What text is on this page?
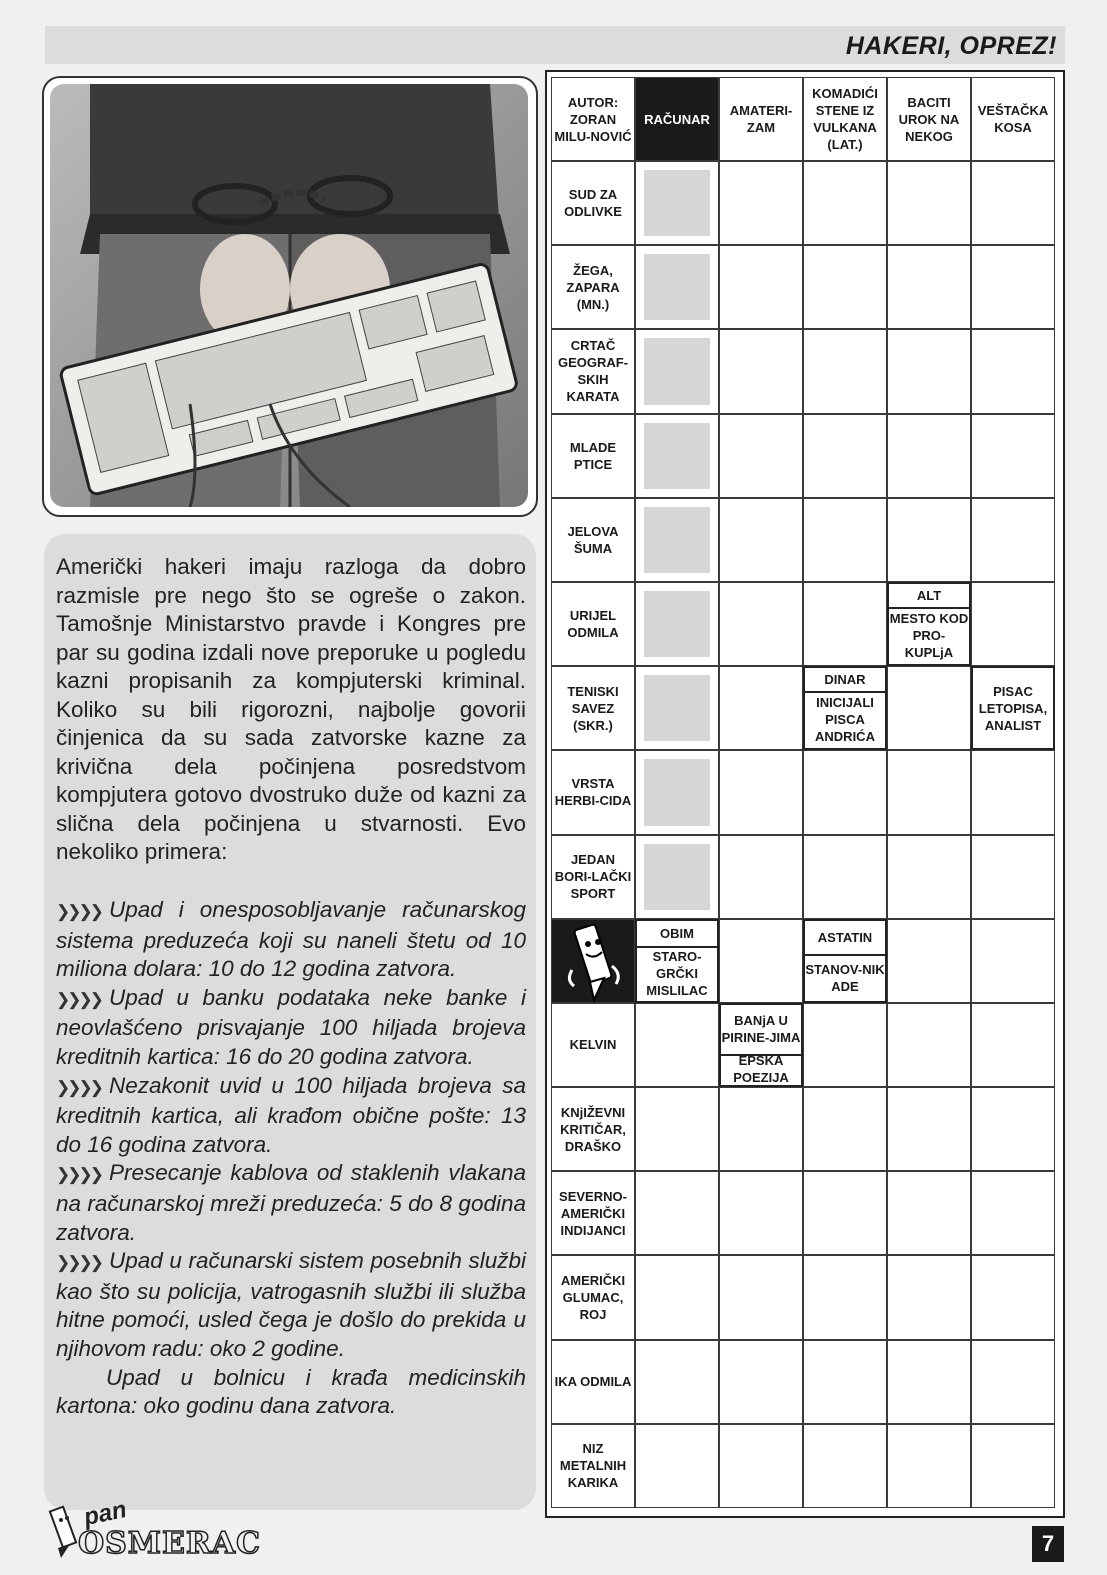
HAKERI, OPREZ!

Američki hakeri imaju razloga da dobro razmisle pre nego što se ogreše o zakon. Tamošnje Ministarstvo pravde i Kongres pre par su godina izdali nove preporuke u pogledu kazni propisanih za kompjuterski kriminal. Koliko su bili rigorozni, najbolje govorii činjenica da su sada zatvorske kazne za krivična dela počinjena posredstvom kompjutera gotovo dvostruko duže od kazni za slična dela počinjena u stvarnosti. Evo nekoliko primera:

❯❯❯❯ Upad i onesposobljavanje računarskog sistema preduzeća koji su naneli štetu od 10 miliona dolara: 10 do 12 godina zatvora.

❯❯❯❯ Upad u banku podataka neke banke i neovlašćeno prisvajanje 100 hiljada brojeva kreditnih kartica: 16 do 20 godina zatvora.

❯❯❯❯ Nezakonit uvid u 100 hiljada brojeva sa kreditnih kartica, ali krađom obične pošte: 13 do 16 godina zatvora.

❯❯❯❯ Presecanje kablova od staklenih vlakana na računarskoj mreži preduzeća: 5 do 8 godina zatvora.

❯❯❯❯ Upad u računarski sistem posebnih službi kao što su policija, vatrogasnih službi ili služba hitne pomoći, usled čega je došlo do prekida u njihovom radu: oko 2 godine.

Upad u bolnicu i krađa medicinskih kartona: oko godinu dana zatvora.

AUTOR: ZORAN MILU-NOVIĆ
RAČUNAR
AMATERI-ZAM
KOMADIĆI STENE IZ VULKANA (LAT.)
BACITI UROK NA NEKOG
VEŠTAČKA KOSA
SUD ZA ODLIVKE
ŽEGA, ZAPARA (MN.)
CRTAČ GEOGRAF-SKIH KARATA
MLADE PTICE
JELOVA ŠUMA
URIJEL ODMILA
TENISKI SAVEZ (SKR.)
VRSTA HERBI-CIDA
JEDAN BORI-LAČKI SPORT
KELVIN
KNjIŽEVNI KRITIČAR, DRAŠKO
SEVERNO-AMERIČKI INDIJANCI
AMERIČKI GLUMAC, ROJ
IKA ODMILA
NIZ METALNIH KARIKA
ALT
MESTO KOD PRO-KUPLjA
DINAR
INICIJALI PISCA ANDRIĆA
PISAC LETOPISA, ANALIST
OBIM
STARO-GRČKI MISLILAC
ASTATIN
STANOV-NIK ADE
BANjA U PIRINE-JIMA
EPSKA POEZIJA
pan
OSMERAC	7
